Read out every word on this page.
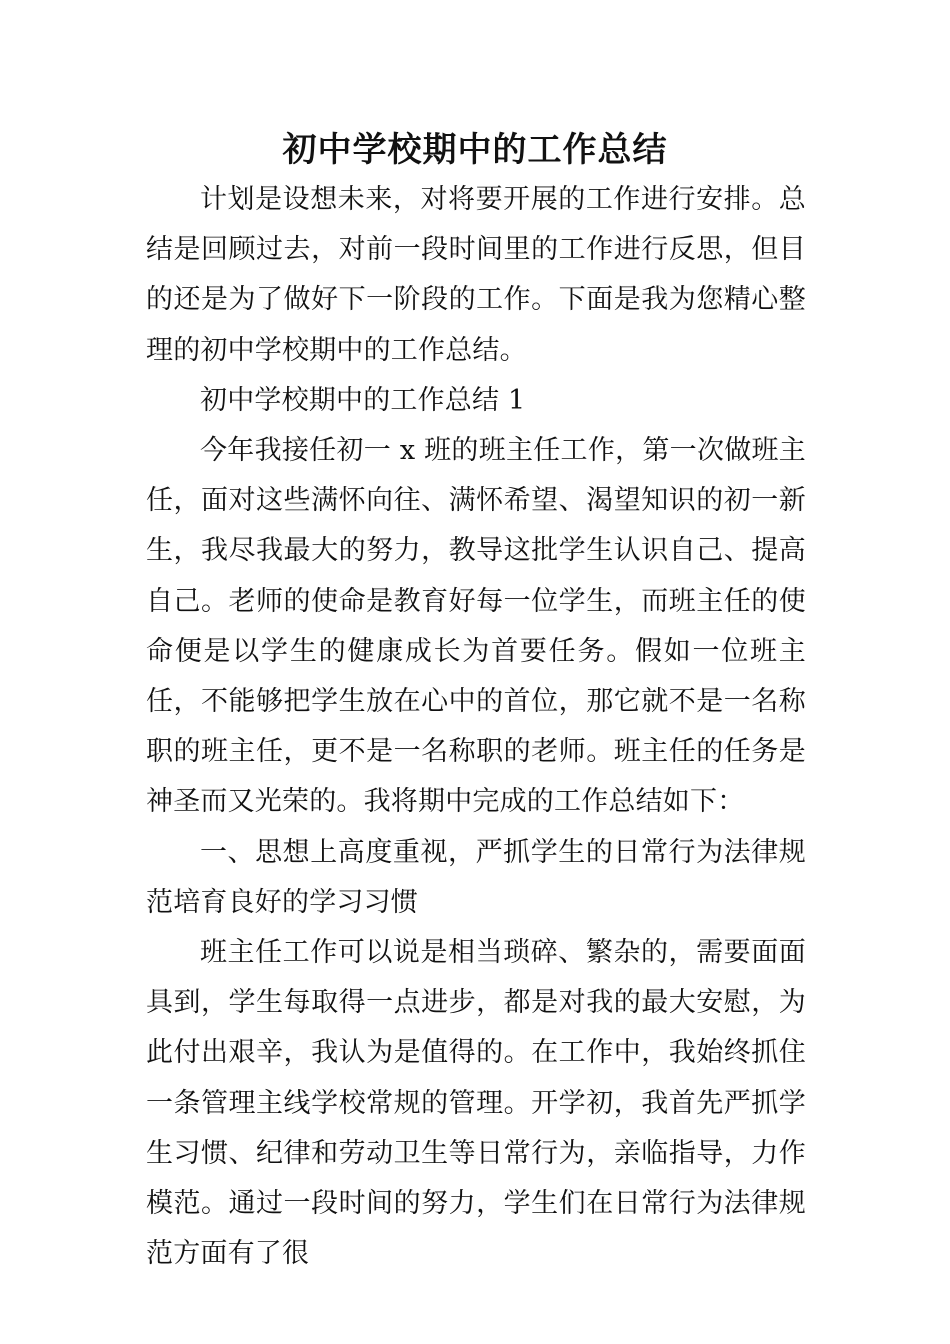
初中学校期中的工作总结

计划是设想未来，对将要开展的工作进行安排。总结是回顾过去，对前一段时间里的工作进行反思，但目的还是为了做好下一阶段的工作。下面是我为您精心整理的初中学校期中的工作总结。

初中学校期中的工作总结 1

今年我接任初一 x 班的班主任工作，第一次做班主任，面对这些满怀向往、满怀希望、渴望知识的初一新生，我尽我最大的努力，教导这批学生认识自己、提高自己。老师的使命是教育好每一位学生，而班主任的使命便是以学生的健康成长为首要任务。假如一位班主任，不能够把学生放在心中的首位，那它就不是一名称职的班主任，更不是一名称职的老师。班主任的任务是神圣而又光荣的。我将期中完成的工作总结如下：

一、思想上高度重视，严抓学生的日常行为法律规范培育良好的学习习惯

班主任工作可以说是相当琐碎、繁杂的，需要面面具到，学生每取得一点进步，都是对我的最大安慰，为此付出艰辛，我认为是值得的。在工作中，我始终抓住一条管理主线学校常规的管理。开学初，我首先严抓学生习惯、纪律和劳动卫生等日常行为，亲临指导，力作模范。通过一段时间的努力，学生们在日常行为法律规范方面有了很
